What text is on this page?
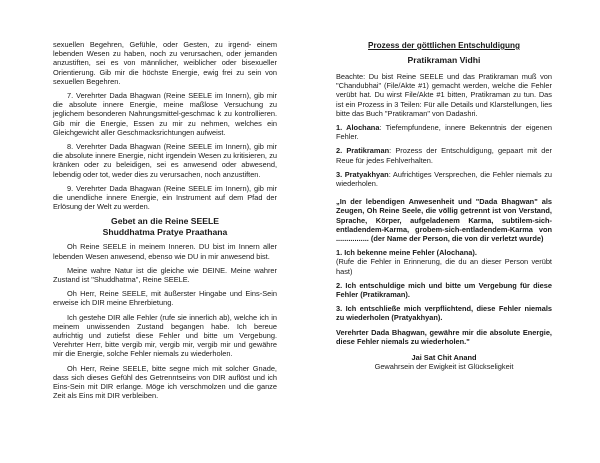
sexuellen Begehren, Gefühle, oder Gesten, zu irgend- einem lebenden Wesen zu haben, noch zu verursachen, oder jemanden anzustiften, sei es von männlicher, weiblicher oder bisexueller Orientierung. Gib mir die höchste Energie, ewig frei zu sein von sexuellen Begehren.

7. Verehrter Dada Bhagwan (Reine SEELE im Innern), gib mir die absolute innere Energie, meine maßlose Versuchung zu jeglichem besonderen Nahrungsmittel-geschmac k zu kontrollieren. Gib mir die Energie, Essen zu mir zu nehmen, welches ein Gleichgewicht aller Geschmacksrichtungen aufweist.

8. Verehrter Dada Bhagwan (Reine SEELE im Innern), gib mir die absolute innere Energie, nicht irgendein Wesen zu kritisieren, zu kränken oder zu beleidigen, sei es anwesend oder abwesend, lebendig oder tot, weder dies zu verursachen, noch anzustiften.

9. Verehrter Dada Bhagwan (Reine SEELE im Innern), gib mir die unendliche innere Energie, ein Instrument auf dem Pfad der Erlösung der Welt zu werden.

Gebet an die Reine SEELE
Shuddhatma Pratye Praathana

Oh Reine SEELE in meinem Inneren. DU bist im Innern aller lebenden Wesen anwesend, ebenso wie DU in mir anwesend bist.

Meine wahre Natur ist die gleiche wie DEINE. Meine wahrer Zustand ist "Shuddhatma", Reine SEELE.

Oh Herr, Reine SEELE, mit äußerster Hingabe und Eins-Sein erweise ich DIR meine Ehrerbietung.

Ich gestehe DIR alle Fehler (rufe sie innerlich ab), welche ich in meinem unwissenden Zustand begangen habe. Ich bereue aufrichtig und zutiefst diese Fehler und bitte um Vergebung. Verehrter Herr, bitte vergib mir, vergib mir, vergib mir und gewähre mir die Energie, solche Fehler niemals zu wiederholen.

Oh Herr, Reine SEELE, bitte segne mich mit solcher Gnade, dass sich dieses Gefühl des Getrenntseins von DIR auflöst und ich Eins-Sein mit DIR erlange. Möge ich verschmolzen und die ganze Zeit als Eins mit DIR verbleiben.

Prozess der göttlichen Entschuldigung
Pratikraman Vidhi

Beachte: Du bist Reine SEELE und das Pratikraman muß von "Chandubhai" (File/Akte #1) gemacht werden, welche die Fehler verübt hat. Du wirst File/Akte #1 bitten, Pratikraman zu tun. Das ist ein Prozess in 3 Teilen: Für alle Details und Klarstellungen, lies bitte das Buch "Pratikraman" von Dadashri.

1. Alochana: Tiefempfundene, innere Bekenntnis der eigenen Fehler.

2. Pratikraman: Prozess der Entschuldigung, gepaart mit der Reue für jedes Fehlverhalten.

3. Pratyakhyan: Aufrichtiges Versprechen, die Fehler niemals zu wiederholen.

„In der lebendigen Anwesenheit und "Dada Bhagwan" als Zeugen, Oh Reine Seele, die völlig getrennt ist von Verstand, Sprache, Körper, aufgeladenem Karma, subtilem-sich-entladendem-Karma, grobem-sich-entladendem-Karma von ................ (der Name der Person, die von dir verletzt wurde)

1. Ich bekenne meine Fehler (Alochana).

(Rufe die Fehler in Erinnerung, die du an dieser Person verübt hast)

2. Ich entschuldige mich und bitte um Vergebung für diese Fehler (Pratikraman).

3. Ich entschließe mich verpflichtend, diese Fehler niemals zu wiederholen (Pratyakhyan).

Verehrter Dada Bhagwan, gewähre mir die absolute Energie, diese Fehler niemals zu wiederholen."

Jai Sat Chit Anand
Gewahrsein der Ewigkeit ist Glückseligkeit
